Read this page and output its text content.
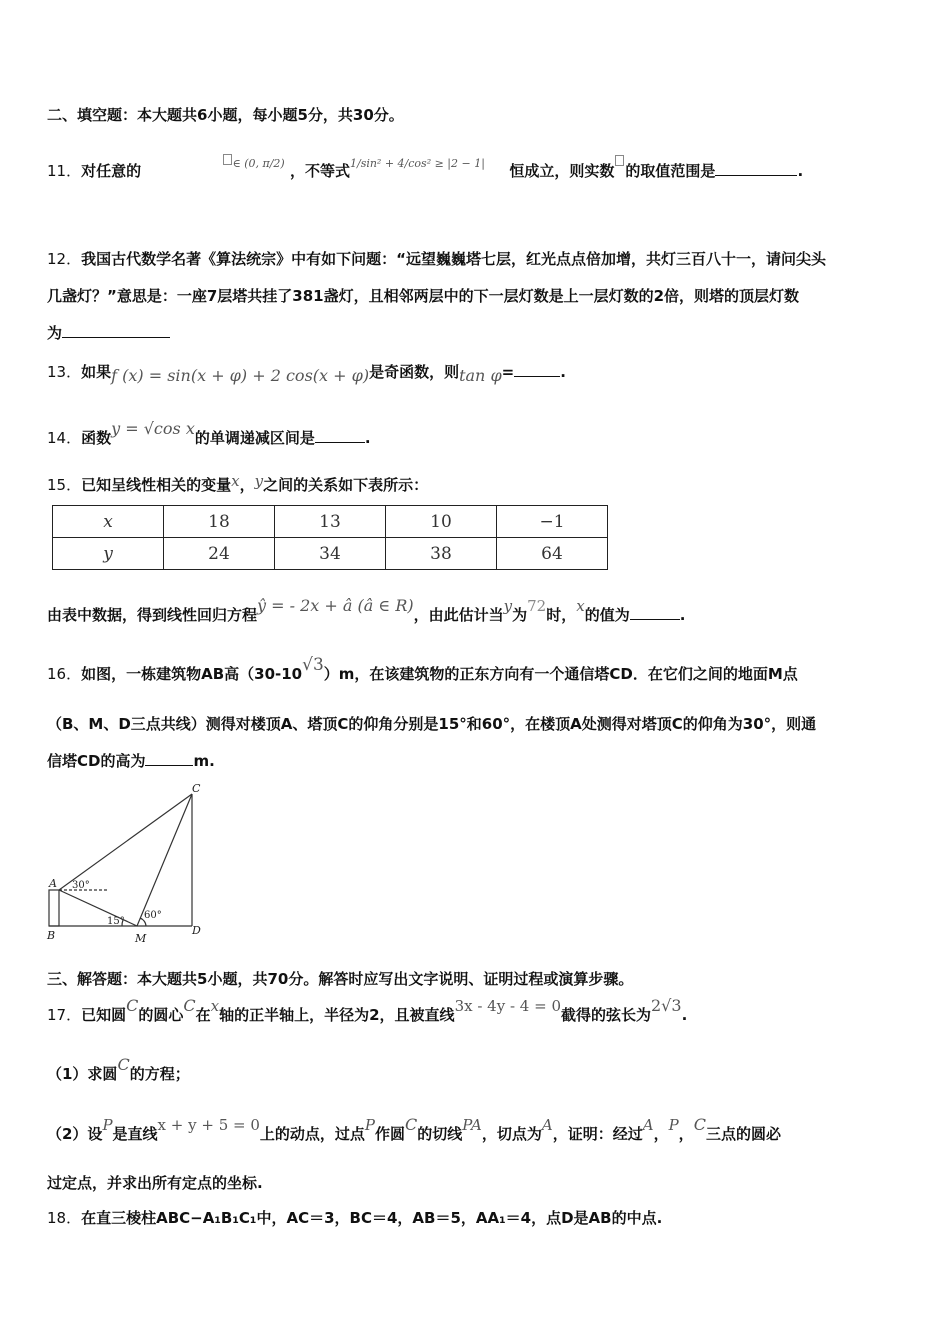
二、填空题：本大题共6小题，每小题5分，共30分。
11．对任意的	∈ (0, π/2) ，不等式1/sin² + 4/cos² ≥ |2 − 1| 恒成立，则实数 的取值范围是	.
12．我国古代数学名著《算法统宗》中有如下问题：“远望巍巍塔七层，红光点点倍加增，共灯三百八十一，请问尖头
几盏灯？”意思是：一座7层塔共挂了381盏灯，且相邻两层中的下一层灯数是上一层灯数的2倍，则塔的顶层灯数
为
13．如果f (x) = sin(x + φ) + 2 cos(x + φ)是奇函数，则tan φ=	.
14．函数y = √cos x的单调递减区间是	.
15．已知呈线性相关的变量x，y之间的关系如下表所示：
x	18	13	10	−1
y	24	34	38	64
由表中数据，得到线性回归方程ŷ = - 2x + â (â ∈ R)，由此估计当y为72时，x的值为	.
16．如图，一栋建筑物AB高（30-10√3）m，在该建筑物的正东方向有一个通信塔CD．在它们之间的地面M点
（B、M、D三点共线）测得对楼顶A、塔顶C的仰角分别是15°和60°，在楼顶A处测得对塔顶C的仰角为30°，则通
信塔CD的高为	m.
C
A
B	M
D
30°
15°
60°
三、解答题：本大题共5小题，共70分。解答时应写出文字说明、证明过程或演算步骤。
17．已知圆C的圆心C在x轴的正半轴上，半径为2，且被直线3x - 4y - 4 = 0截得的弦长为2√3.
（1）求圆C的方程；
（2）设P是直线x + y + 5 = 0上的动点，过点P作圆C的切线PA，切点为A，证明：经过A，P，C三点的圆必
过定点，并求出所有定点的坐标.
18．在直三棱柱ABC−A₁B₁C₁中，AC＝3，BC＝4，AB＝5，AA₁＝4，点D是AB的中点.
